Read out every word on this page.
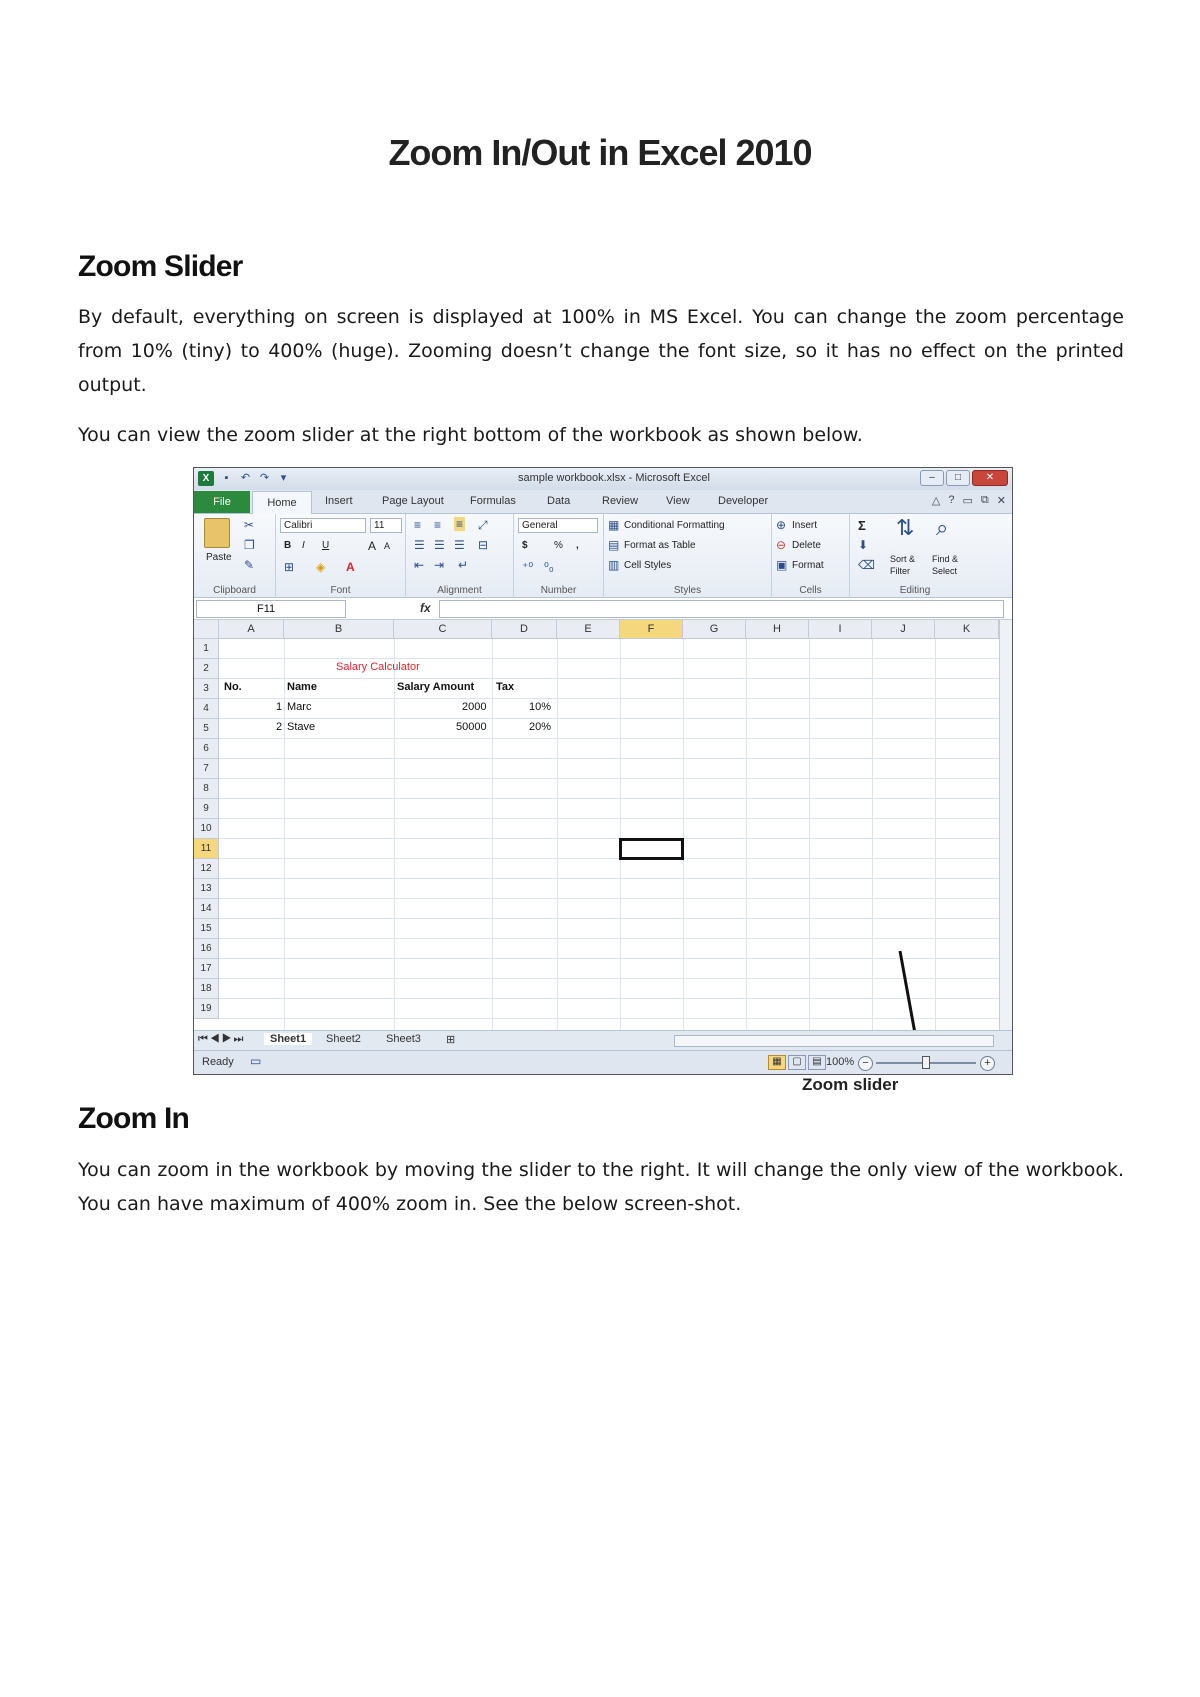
Zoom In/Out in Excel 2010
Zoom Slider
By default, everything on screen is displayed at 100% in MS Excel. You can change the zoom percentage from 10% (tiny) to 400% (huge). Zooming doesn’t change the font size, so it has no effect on the printed output.
You can view the zoom slider at the right bottom of the workbook as shown below.
X	▪	↶ ↷	▾	sample workbook.xlsx - Microsoft Excel	–	□	✕
File	Home	Insert	Page Layout Formulas	Data	Review	View	Developer	△ ? ▭ ⧉ ✕
Paste
✂
❐
✎
Clipboard
Calibri	11
B I U	A A
⊞ ◈ A
Font
≡ ≡ ≡ ⤢
☰ ☰ ☰ ⊟
⇤ ⇥ ↵
Alignment
General
$	% ,
⁺⁰ ⁰₀
Number
▦ Conditional Formatting
▤ Format as Table
▥ Cell Styles
Styles
⊕ Insert
⊖ Delete
▣ Format
Cells
Σ
⬇
⌫
⇅
Sort &
Filter
⌕
Find &
Select
Editing
F11	fx
A	B	C	D	E	F	G	H	I	J	K
1
2
3
4
5
6
7
8
9
10
11
12
13
14
15
16
17
18
19
Salary Calculator
No.	Name	Salary Amount Tax
1 Marc	2000	10%
2 Stave	50000	20%
Zoom slider
⏮◀▶⏭	Sheet1	Sheet2 Sheet3 ⊞
Ready ▭	▦	▢	▤ 100% −	+
Zoom In
You can zoom in the workbook by moving the slider to the right. It will change the only view of the workbook. You can have maximum of 400% zoom in. See the below screen-shot.
